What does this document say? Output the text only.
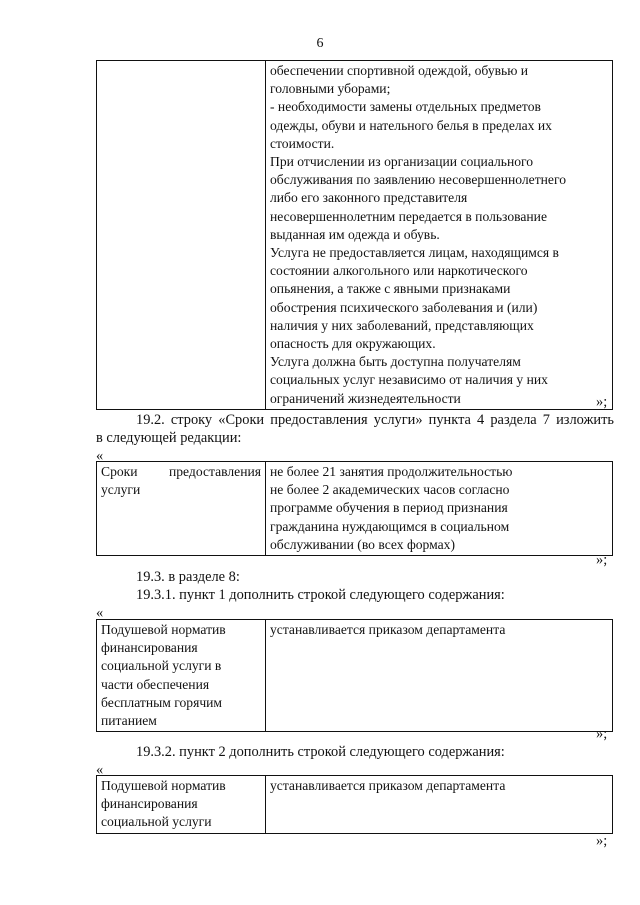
6

обеспечении спортивной одеждой, обувью и
головными уборами;
- необходимости замены отдельных предметов
одежды, обуви и нательного белья в пределах их
стоимости.
При отчислении из организации социального
обслуживания по заявлению несовершеннолетнего
либо его законного представителя
несовершеннолетним передается в пользование
выданная им одежда и обувь.
Услуга не предоставляется лицам, находящимся в
состоянии алкогольного или наркотического
опьянения, а также с явными признаками
обострения психического заболевания и (или)
наличия у них заболеваний, представляющих
опасность для окружающих.
Услуга должна быть доступна получателям
социальных услуг независимо от наличия у них
ограничений жизнедеятельности	»;
19.2. строку «Сроки предоставления услуги» пункта 4 раздела 7 изложить
в следующей редакции:
«
Сроки предоставления
услуги

не более 21 занятия продолжительностью
не более 2 академических часов согласно
программе обучения в период признания
гражданина нуждающимся в социальном
обслуживании (во всех формах)
»;
19.3. в разделе 8:
19.3.1. пункт 1 дополнить строкой следующего содержания:
«
Подушевой норматив
финансирования
социальной услуги в
части обеспечения
бесплатным горячим
питанием

устанавливается приказом департамента
»;
19.3.2. пункт 2 дополнить строкой следующего содержания:
«
Подушевой норматив
финансирования
социальной услуги

устанавливается приказом департамента
»;
